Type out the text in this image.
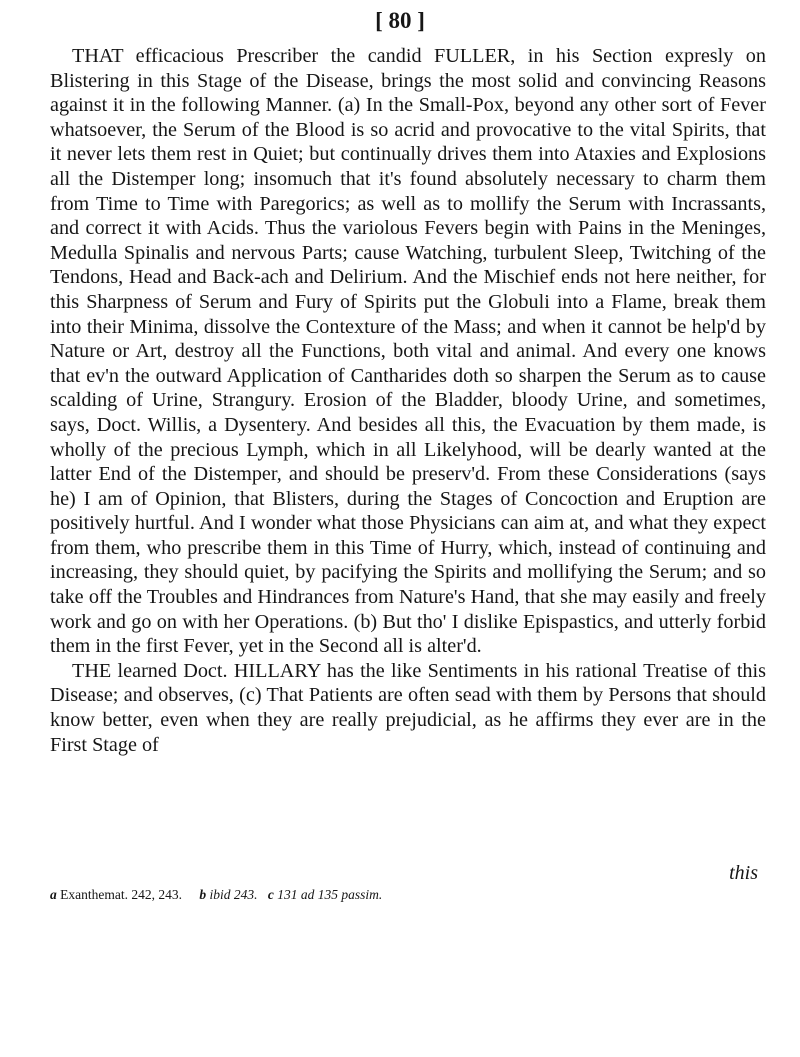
[ 80 ]

THAT efficacious Prescriber the candid FULLER, in his Section expresly on Blistering in this Stage of the Disease, brings the most solid and convincing Reasons against it in the following Manner. (a) In the Small-Pox, beyond any other sort of Fever whatsoever, the Serum of the Blood is so acrid and provocative to the vital Spirits, that it never lets them rest in Quiet; but continually drives them into Ataxies and Explosions all the Distemper long; insomuch that it's found absolutely necessary to charm them from Time to Time with Paregorics; as well as to mollify the Serum with Incrassants, and correct it with Acids. Thus the variolous Fevers begin with Pains in the Meninges, Medulla Spinalis and nervous Parts; cause Watching, turbulent Sleep, Twitching of the Tendons, Head and Back-ach and Delirium. And the Mischief ends not here neither, for this Sharpness of Serum and Fury of Spirits put the Globuli into a Flame, break them into their Minima, dissolve the Contexture of the Mass; and when it cannot be help'd by Nature or Art, destroy all the Functions, both vital and animal. And every one knows that ev'n the outward Application of Cantharides doth so sharpen the Serum as to cause scalding of Urine, Strangury. Erosion of the Bladder, bloody Urine, and sometimes, says, Doct. Willis, a Dysentery. And besides all this, the Evacuation by them made, is wholly of the precious Lymph, which in all Likelyhood, will be dearly wanted at the latter End of the Distemper, and should be preserv'd. From these Considerations (says he) I am of Opinion, that Blisters, during the Stages of Concoction and Eruption are positively hurtful. And I wonder what those Physicians can aim at, and what they expect from them, who prescribe them in this Time of Hurry, which, instead of continuing and increasing, they should quiet, by pacifying the Spirits and mollifying the Serum; and so take off the Troubles and Hindrances from Nature's Hand, that she may easily and freely work and go on with her Operations. (b) But tho' I dislike Epispastics, and utterly forbid them in the first Fever, yet in the Second all is alter'd.

THE learned Doct. HILLARY has the like Sentiments in his rational Treatise of this Disease; and observes, (c) That Patients are often sead with them by Persons that should know better, even when they are really prejudicial, as he affirms they ever are in the First Stage of

this
a Exanthemat. 242, 243. b ibid 243. c 131 ad 135 passim.
